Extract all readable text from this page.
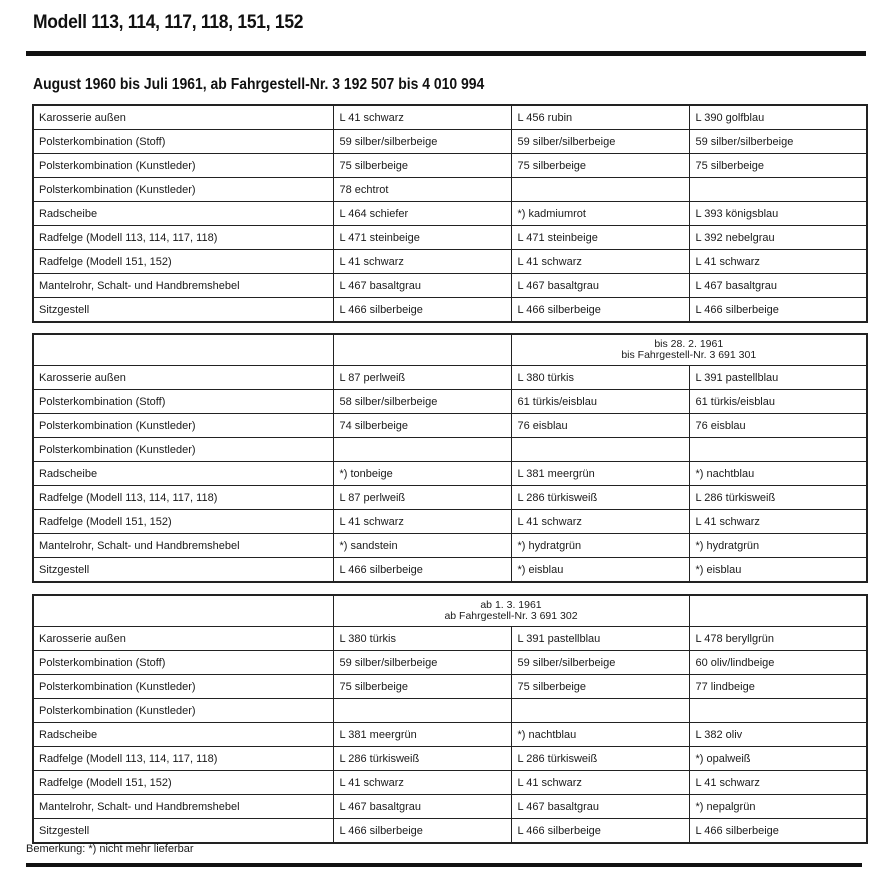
Modell 113, 114, 117, 118, 151, 152
August 1960 bis Juli 1961, ab Fahrgestell-Nr. 3 192 507 bis 4 010 994
Karosserie außen	L 41 schwarz	L 456 rubin	L 390 golfblau
Polsterkombination (Stoff)	59 silber/silberbeige	59 silber/silberbeige	59 silber/silberbeige
Polsterkombination (Kunstleder)	75 silberbeige	75 silberbeige	75 silberbeige
Polsterkombination (Kunstleder)	78 echtrot		
Radscheibe	L 464 schiefer	*) kadmiumrot	L 393 königsblau
Radfelge (Modell 113, 114, 117, 118)	L 471 steinbeige	L 471 steinbeige	L 392 nebelgrau
Radfelge (Modell 151, 152)	L 41 schwarz	L 41 schwarz	L 41 schwarz
Mantelrohr, Schalt- und Handbremshebel	L 467 basaltgrau	L 467 basaltgrau	L 467 basaltgrau
Sitzgestell	L 466 silberbeige	L 466 silberbeige	L 466 silberbeige

		bis 28. 2. 1961
bis Fahrgestell-Nr. 3 691 301	

Karosserie außen	L 87 perlweiß	L 380 türkis	L 391 pastellblau
Polsterkombination (Stoff)	58 silber/silberbeige	61 türkis/eisblau	61 türkis/eisblau
Polsterkombination (Kunstleder)	74 silberbeige	76 eisblau	76 eisblau
Polsterkombination (Kunstleder)			
Radscheibe	*) tonbeige	L 381 meergrün	*) nachtblau
Radfelge (Modell 113, 114, 117, 118)	L 87 perlweiß	L 286 türkisweiß	L 286 türkisweiß
Radfelge (Modell 151, 152)	L 41 schwarz	L 41 schwarz	L 41 schwarz
Mantelrohr, Schalt- und Handbremshebel	*) sandstein	*) hydratgrün	*) hydratgrün
Sitzgestell	L 466 silberbeige	*) eisblau	*) eisblau

	ab 1. 3. 1961
ab Fahrgestell-Nr. 3 691 302		

Karosserie außen	L 380 türkis	L 391 pastellblau	L 478 beryllgrün
Polsterkombination (Stoff)	59 silber/silberbeige	59 silber/silberbeige	60 oliv/lindbeige
Polsterkombination (Kunstleder)	75 silberbeige	75 silberbeige	77 lindbeige
Polsterkombination (Kunstleder)			
Radscheibe	L 381 meergrün	*) nachtblau	L 382 oliv
Radfelge (Modell 113, 114, 117, 118)	L 286 türkisweiß	L 286 türkisweiß	*) opalweiß
Radfelge (Modell 151, 152)	L 41 schwarz	L 41 schwarz	L 41 schwarz
Mantelrohr, Schalt- und Handbremshebel	L 467 basaltgrau	L 467 basaltgrau	*) nepalgrün
Sitzgestell	L 466 silberbeige	L 466 silberbeige	L 466 silberbeige
Bemerkung: *) nicht mehr lieferbar
